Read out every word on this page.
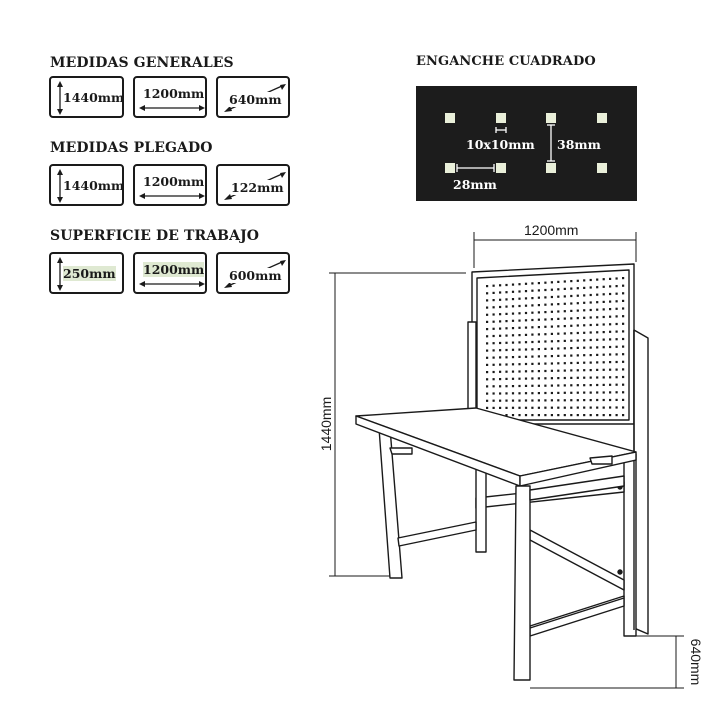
MEDIDAS GENERALES
1440mm 1200mm 640mm
MEDIDAS PLEGADO
1440mm 1200mm 122mm
SUPERFICIE DE TRABAJO
250mm 1200mm 600mm
ENGANCHE CUADRADO
10x10mm 38mm
28mm
1200mm
1440mm
640mm
